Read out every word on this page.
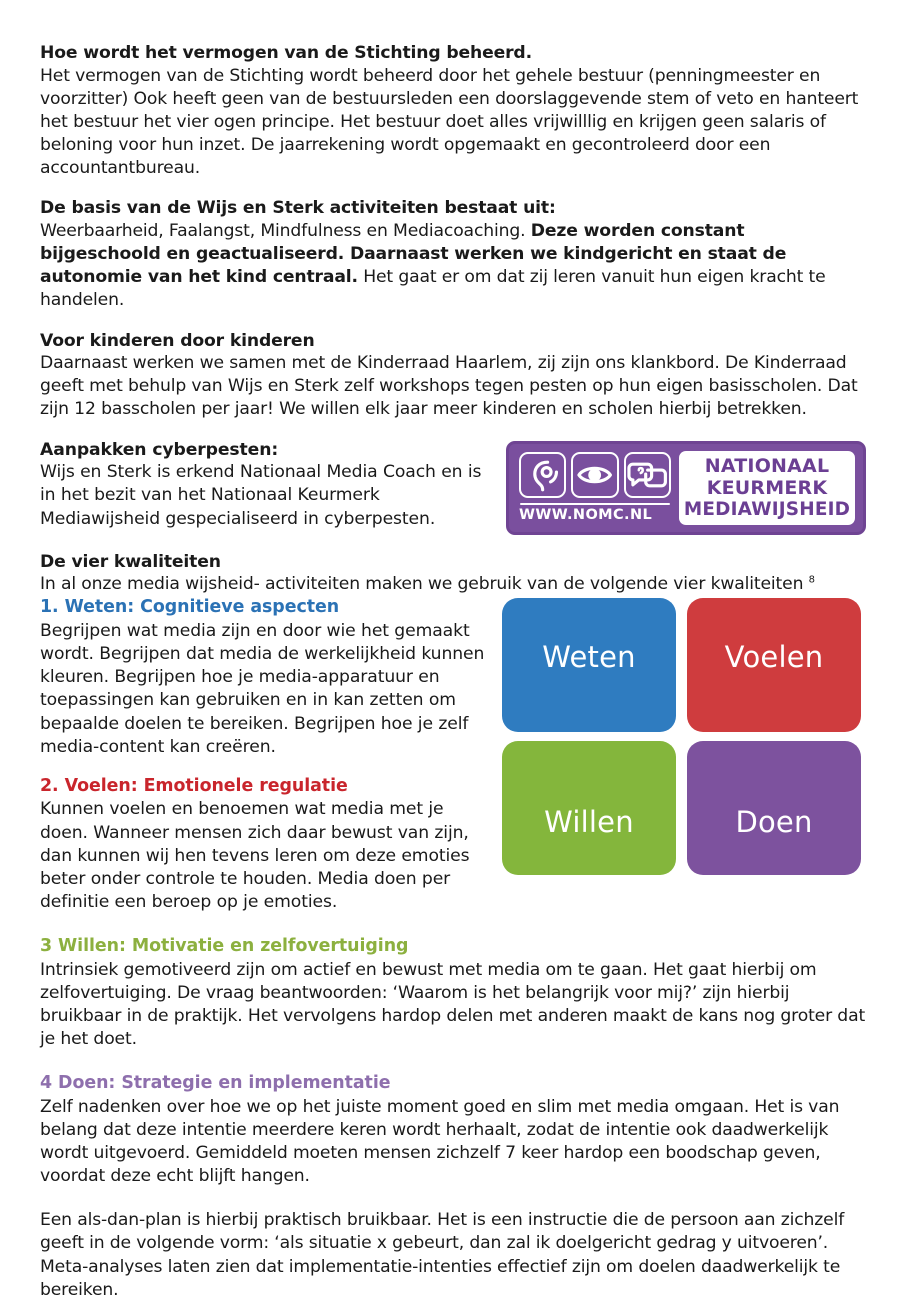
Hoe wordt het vermogen van de Stichting beheerd.

Het vermogen van de Stichting wordt beheerd door het gehele bestuur (penningmeester en voorzitter) Ook heeft geen van de bestuursleden een doorslaggevende stem of veto en hanteert het bestuur het vier ogen principe. Het bestuur doet alles vrijwilllig en krijgen geen salaris of beloning voor hun inzet. De jaarrekening wordt opgemaakt en gecontroleerd door een accountantbureau.

De basis van de Wijs en Sterk activiteiten bestaat uit:

Weerbaarheid, Faalangst, Mindfulness en Mediacoaching. Deze worden constant bijgeschoold en geactualiseerd. Daarnaast werken we kindgericht en staat de autonomie van het kind centraal. Het gaat er om dat zij leren vanuit hun eigen kracht te handelen.

Voor kinderen door kinderen

Daarnaast werken we samen met de Kinderraad Haarlem, zij zijn ons klankbord. De Kinderraad geeft met behulp van Wijs en Sterk zelf workshops tegen pesten op hun eigen basisscholen. Dat zijn 12 basscholen per jaar! We willen elk jaar meer kinderen en scholen hierbij betrekken.

WWW.NOMC.NL
NATIONAAL
KEURMERK
MEDIAWIJSHEID

Aanpakken cyberpesten:

Wijs en Sterk is erkend Nationaal Media Coach en is in het bezit van het Nationaal Keurmerk Mediawijsheid gespecialiseerd in cyberpesten.

De vier kwaliteiten

In al onze media wijsheid- activiteiten maken we gebruik van de volgende vier kwaliteiten $^8$

Weten	Voelen
Willen	Doen

1. Weten: Cognitieve aspecten

Begrijpen wat media zijn en door wie het gemaakt wordt. Begrijpen dat media de werkelijkheid kunnen kleuren. Begrijpen hoe je media-apparatuur en toepassingen kan gebruiken en in kan zetten om bepaalde doelen te bereiken. Begrijpen hoe je zelf media-content kan creëren.

2. Voelen: Emotionele regulatie

Kunnen voelen en benoemen wat media met je doen. Wanneer mensen zich daar bewust van zijn, dan kunnen wij hen tevens leren om deze emoties beter onder controle te houden. Media doen per definitie een beroep op je emoties.

3 Willen: Motivatie en zelfovertuiging

Intrinsiek gemotiveerd zijn om actief en bewust met media om te gaan. Het gaat hierbij om zelfovertuiging. De vraag beantwoorden: ‘Waarom is het belangrijk voor mij?’ zijn hierbij bruikbaar in de praktijk. Het vervolgens hardop delen met anderen maakt de kans nog groter dat je het doet.

4 Doen: Strategie en implementatie

Zelf nadenken over hoe we op het juiste moment goed en slim met media omgaan. Het is van belang dat deze intentie meerdere keren wordt herhaalt, zodat de intentie ook daadwerkelijk wordt uitgevoerd. Gemiddeld moeten mensen zichzelf 7 keer hardop een boodschap geven, voordat deze echt blijft hangen.

Een als-dan-plan is hierbij praktisch bruikbaar. Het is een instructie die de persoon aan zichzelf geeft in de volgende vorm: ‘als situatie x gebeurt, dan zal ik doelgericht gedrag y uitvoeren’. Meta-analyses laten zien dat implementatie-intenties effectief zijn om doelen daadwerkelijk te bereiken.
